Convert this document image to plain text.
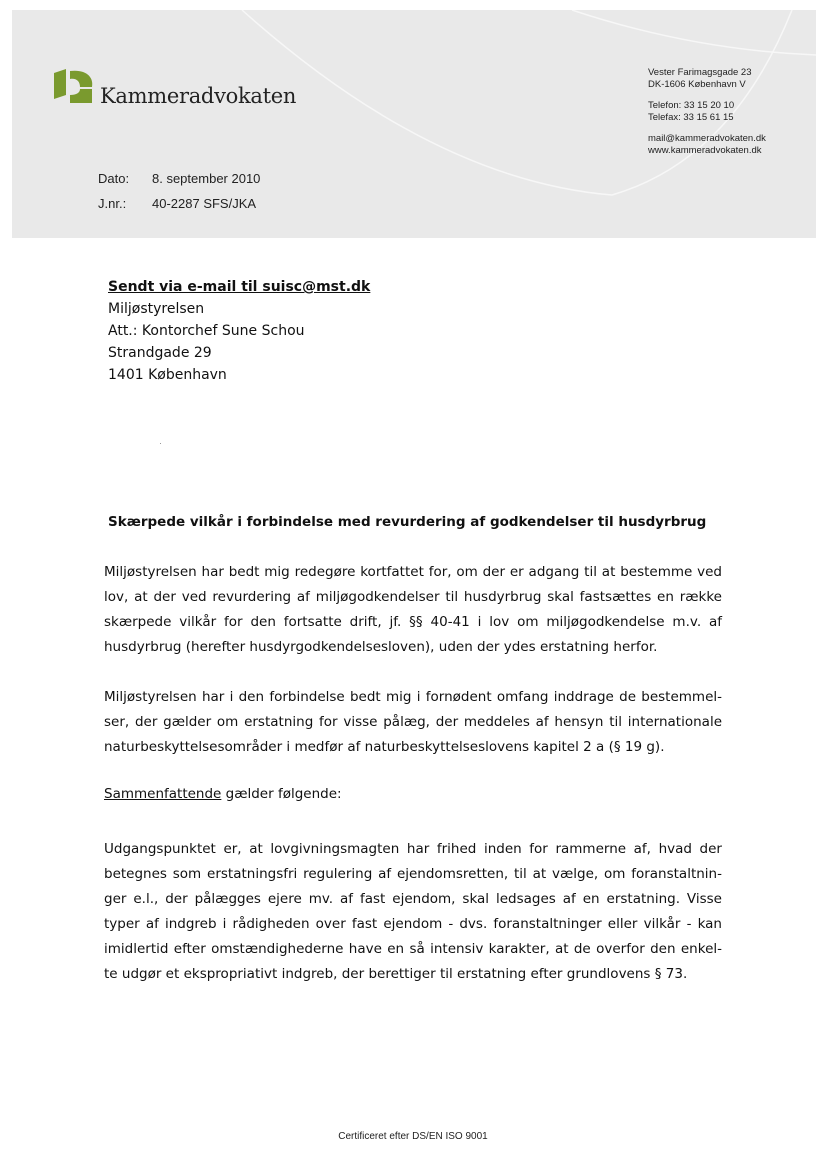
Kammeradvokaten
Vester Farimagsgade 23
DK-1606 København V
Telefon: 33 15 20 10
Telefax: 33 15 61 15
mail@kammeradvokaten.dk
www.kammeradvokaten.dk
Dato:	8. september 2010
J.nr.:	40-2287 SFS/JKA
Sendt via e-mail til suisc@mst.dk
Miljøstyrelsen
Att.: Kontorchef Sune Schou
Strandgade 29
1401 København
Skærpede vilkår i forbindelse med revurdering af godkendelser til husdyrbrug
Miljøstyrelsen har bedt mig redegøre kortfattet for, om der er adgang til at bestemme ved
lov, at der ved revurdering af miljøgodkendelser til husdyrbrug skal fastsættes en række
skærpede vilkår for den fortsatte drift, jf. §§ 40-41 i lov om miljøgodkendelse m.v. af
husdyrbrug (herefter husdyrgodkendelsesloven), uden der ydes erstatning herfor.
Miljøstyrelsen har i den forbindelse bedt mig i fornødent omfang inddrage de bestemmel-
ser, der gælder om erstatning for visse pålæg, der meddeles af hensyn til internationale
naturbeskyttelsesområder i medfør af naturbeskyttelseslovens kapitel 2 a (§ 19 g).
Sammenfattende gælder følgende:
Udgangspunktet er, at lovgivningsmagten har frihed inden for rammerne af, hvad der
betegnes som erstatningsfri regulering af ejendomsretten, til at vælge, om foranstaltnin-
ger e.l., der pålægges ejere mv. af fast ejendom, skal ledsages af en erstatning. Visse
typer af indgreb i rådigheden over fast ejendom - dvs. foranstaltninger eller vilkår - kan
imidlertid efter omstændighederne have en så intensiv karakter, at de overfor den enkel-
te udgør et ekspropriativt indgreb, der berettiger til erstatning efter grundlovens § 73.
Certificeret efter DS/EN ISO 9001
